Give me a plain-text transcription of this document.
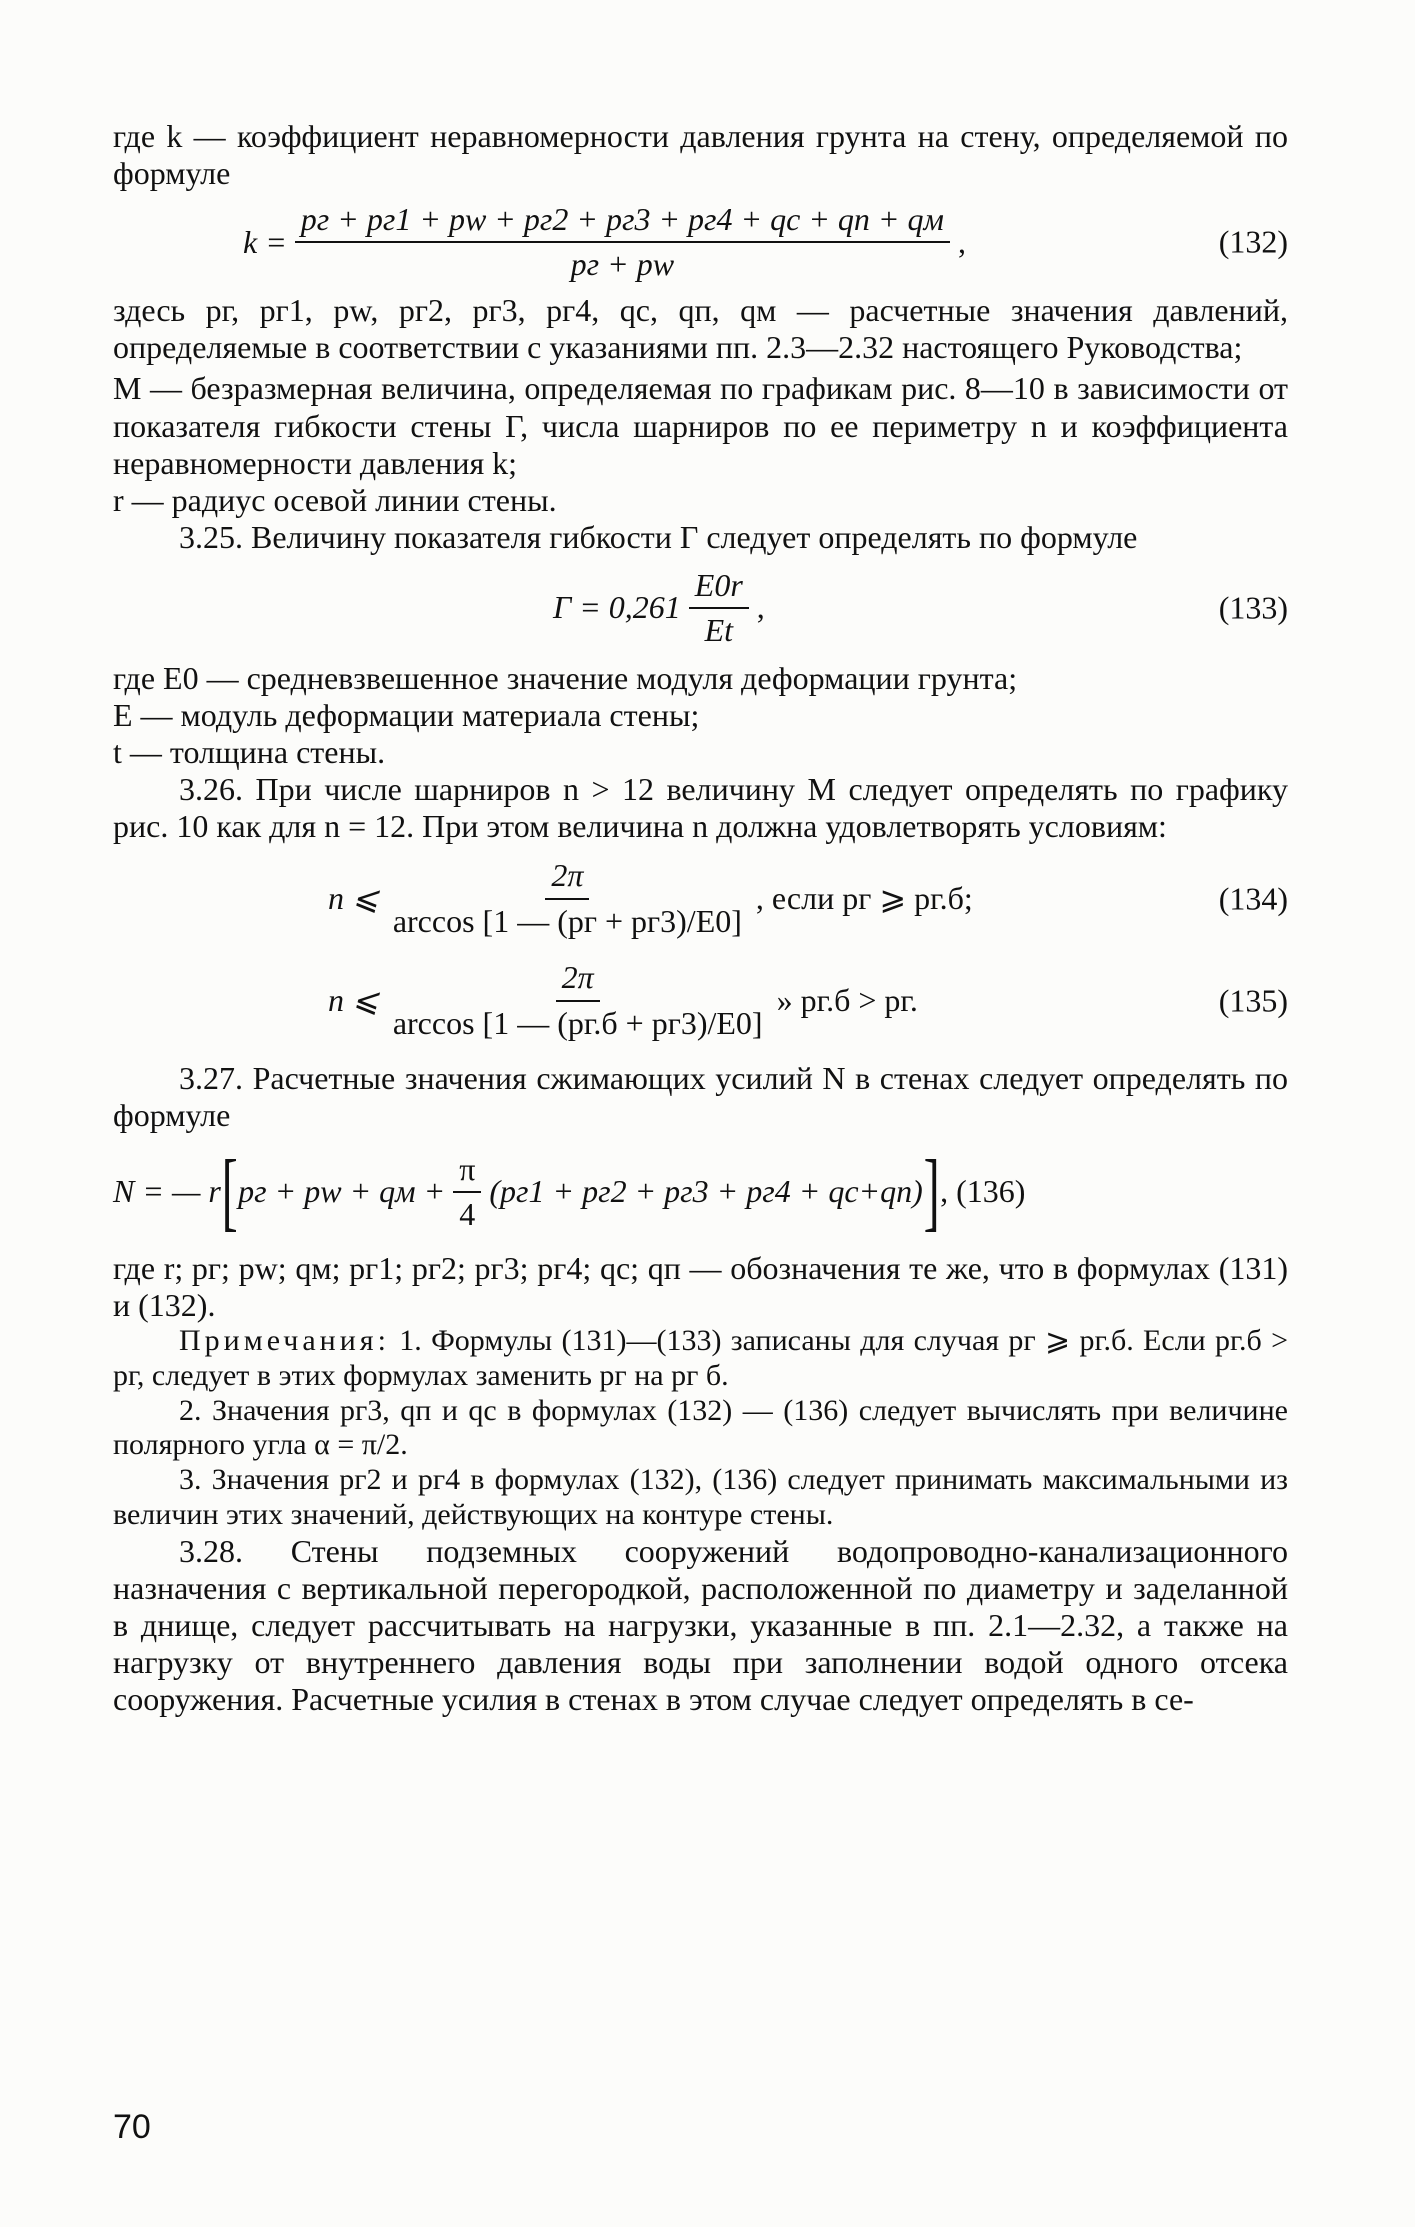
где k — коэффициент неравномерности давления грунта на стену, определяемой по формуле

$k = \frac{pг + pг1 + pw + pг2 + pг3 + pг4 + qс + qп + qм}{pг + pw}$ ,	(132)

здесь pг, pг1, pw, pг2, pг3, pг4, qс, qп, qм — расчетные значения давлений, определяемые в соответствии с указаниями пп. 2.3—2.32 настоящего Руководства;

M — безразмерная величина, определяемая по графикам рис. 8—10 в зависимости от показателя гибкости стены Г, числа шарниров по ее периметру n и коэффициента неравномерности давления k;

r — радиус осевой линии стены.

3.25. Величину показателя гибкости Г следует определять по формуле

$Г = 0,261 \frac{E0r}{Et}$ ,	(133)

где E0 — средневзвешенное значение модуля деформации грунта;

E — модуль деформации материала стены;

t — толщина стены.

3.26. При числе шарниров n > 12 величину M следует определять по графику рис. 10 как для n = 12. При этом величина n должна удовлетворять условиям:

n ⩽ $\frac{2\pi}{\arccos [1 — (pг + pг3)/E0]}$ , если pг ⩾ pг.б;	(134)
n ⩽ $\frac{2\pi}{\arccos [1 — (pг.б + pг3)/E0]}$ » pг.б > pг.	(135)

3.27. Расчетные значения сжимающих усилий N в стенах следует определять по формуле

N = — r [ pг + pw + qм + $\frac{\pi}{4} (pг1 + pг2 + pг3 + pг4 + qс+qп)$ ] , (136)

где r; pг; pw; qм; pг1; pг2; pг3; pг4; qс; qп — обозначения те же, что в формулах (131) и (132).

Примечания: 1. Формулы (131)—(133) записаны для случая pг ⩾ pг.б. Если pг.б > pг, следует в этих формулах заменить pг на pг б.

2. Значения pг3, qп и qс в формулах (132) — (136) следует вычислять при величине полярного угла α = π/2.

3. Значения pг2 и pг4 в формулах (132), (136) следует принимать максимальными из величин этих значений, действующих на контуре стены.

3.28. Стены подземных сооружений водопроводно-канализационного назначения с вертикальной перегородкой, расположенной по диаметру и заделанной в днище, следует рассчитывать на нагрузки, указанные в пп. 2.1—2.32, а также на нагрузку от внутреннего давления воды при заполнении водой одного отсека сооружения. Расчетные усилия в стенах в этом случае следует определять в се-

70
